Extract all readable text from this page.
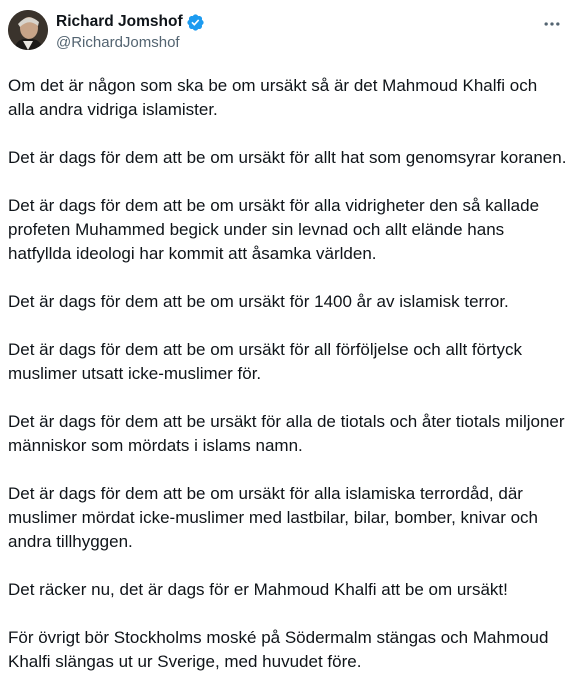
Richard Jomshof
@RichardJomshof

Om det är någon som ska be om ursäkt så är det Mahmoud Khalfi och alla andra vidriga islamister.

Det är dags för dem att be om ursäkt för allt hat som genomsyrar koranen.

Det är dags för dem att be om ursäkt för alla vidrigheter den så kallade profeten Muhammed begick under sin levnad och allt elände hans hatfyllda ideologi har kommit att åsamka världen.

Det är dags för dem att be om ursäkt för 1400 år av islamisk terror.

Det är dags för dem att be om ursäkt för all förföljelse och allt förtyck muslimer utsatt icke-muslimer för.

Det är dags för dem att be ursäkt för alla de tiotals och åter tiotals miljoner människor som mördats i islams namn.

Det är dags för dem att be om ursäkt för alla islamiska terrordåd, där muslimer mördat icke-muslimer med lastbilar, bilar, bomber, knivar och andra tillhyggen.

Det räcker nu, det är dags för er Mahmoud Khalfi att be om ursäkt!

För övrigt bör Stockholms moské på Södermalm stängas och Mahmoud Khalfi slängas ut ur Sverige, med huvudet före.
